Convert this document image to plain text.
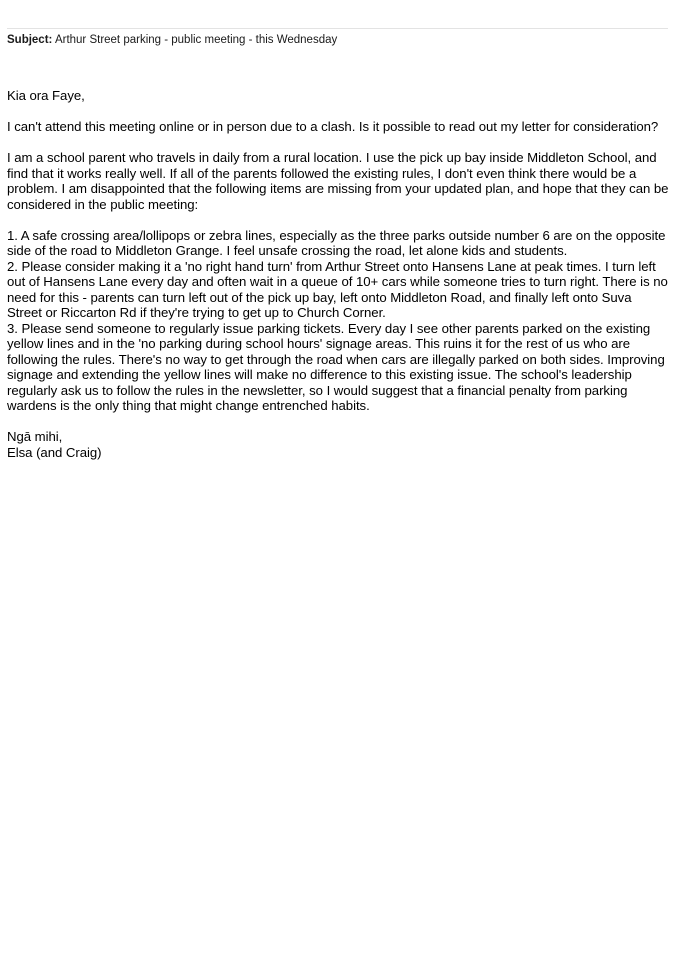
Subject: Arthur Street parking - public meeting - this Wednesday

Kia ora Faye,

I can't attend this meeting online or in person due to a clash. Is it possible to read out my letter for consideration?

I am a school parent who travels in daily from a rural location. I use the pick up bay inside Middleton School, and find that it works really well. If all of the parents followed the existing rules, I don't even think there would be a problem. I am disappointed that the following items are missing from your updated plan, and hope that they can be considered in the public meeting:

1. A safe crossing area/lollipops or zebra lines, especially as the three parks outside number 6 are on the opposite side of the road to Middleton Grange. I feel unsafe crossing the road, let alone kids and students.

2. Please consider making it a 'no right hand turn' from Arthur Street onto Hansens Lane at peak times. I turn left out of Hansens Lane every day and often wait in a queue of 10+ cars while someone tries to turn right. There is no need for this - parents can turn left out of the pick up bay, left onto Middleton Road, and finally left onto Suva Street or Riccarton Rd if they're trying to get up to Church Corner.

3. Please send someone to regularly issue parking tickets. Every day I see other parents parked on the existing yellow lines and in the 'no parking during school hours' signage areas. This ruins it for the rest of us who are following the rules. There's no way to get through the road when cars are illegally parked on both sides. Improving signage and extending the yellow lines will make no difference to this existing issue. The school's leadership regularly ask us to follow the rules in the newsletter, so I would suggest that a financial penalty from parking wardens is the only thing that might change entrenched habits.

Ngā mihi,

Elsa (and Craig)
